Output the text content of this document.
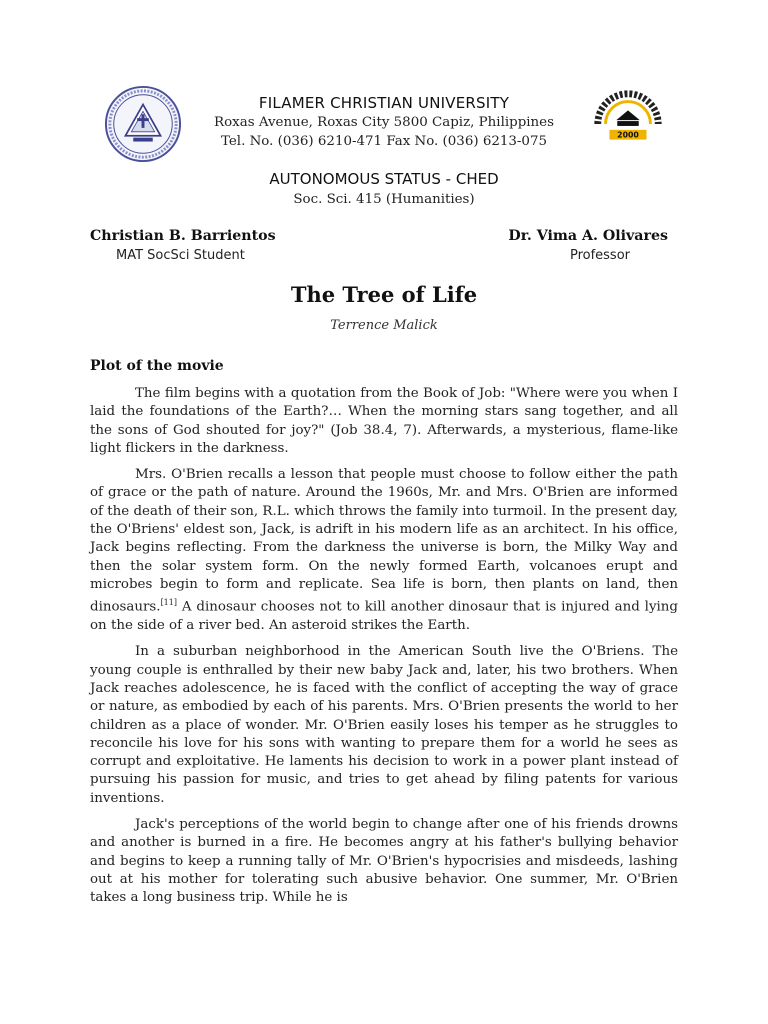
2000
FILAMER CHRISTIAN UNIVERSITY
Roxas Avenue, Roxas City 5800 Capiz, Philippines
Tel. No. (036) 6210-471 Fax No. (036) 6213-075
AUTONOMOUS STATUS - CHED
Soc. Sci. 415 (Humanities)
Christian B. Barrientos
MAT SocSci Student
Dr. Vima A. Olivares
Professor
The Tree of Life
Terrence Malick
Plot of the movie

The film begins with a quotation from the Book of Job: "Where were you when I laid the foundations of the Earth?… When the morning stars sang together, and all the sons of God shouted for joy?" (Job 38.4, 7). Afterwards, a mysterious, flame-like light flickers in the darkness.

Mrs. O'Brien recalls a lesson that people must choose to follow either the path of grace or the path of nature. Around the 1960s, Mr. and Mrs. O'Brien are informed of the death of their son, R.L. which throws the family into turmoil. In the present day, the O'Briens' eldest son, Jack, is adrift in his modern life as an architect. In his office, Jack begins reflecting. From the darkness the universe is born, the Milky Way and then the solar system form. On the newly formed Earth, volcanoes erupt and microbes begin to form and replicate. Sea life is born, then plants on land, then dinosaurs.[11] A dinosaur chooses not to kill another dinosaur that is injured and lying on the side of a river bed. An asteroid strikes the Earth.

In a suburban neighborhood in the American South live the O'Briens. The young couple is enthralled by their new baby Jack and, later, his two brothers. When Jack reaches adolescence, he is faced with the conflict of accepting the way of grace or nature, as embodied by each of his parents. Mrs. O'Brien presents the world to her children as a place of wonder. Mr. O'Brien easily loses his temper as he struggles to reconcile his love for his sons with wanting to prepare them for a world he sees as corrupt and exploitative. He laments his decision to work in a power plant instead of pursuing his passion for music, and tries to get ahead by filing patents for various inventions.

Jack's perceptions of the world begin to change after one of his friends drowns and another is burned in a fire. He becomes angry at his father's bullying behavior and begins to keep a running tally of Mr. O'Brien's hypocrisies and misdeeds, lashing out at his mother for tolerating such abusive behavior. One summer, Mr. O'Brien takes a long business trip. While he is
